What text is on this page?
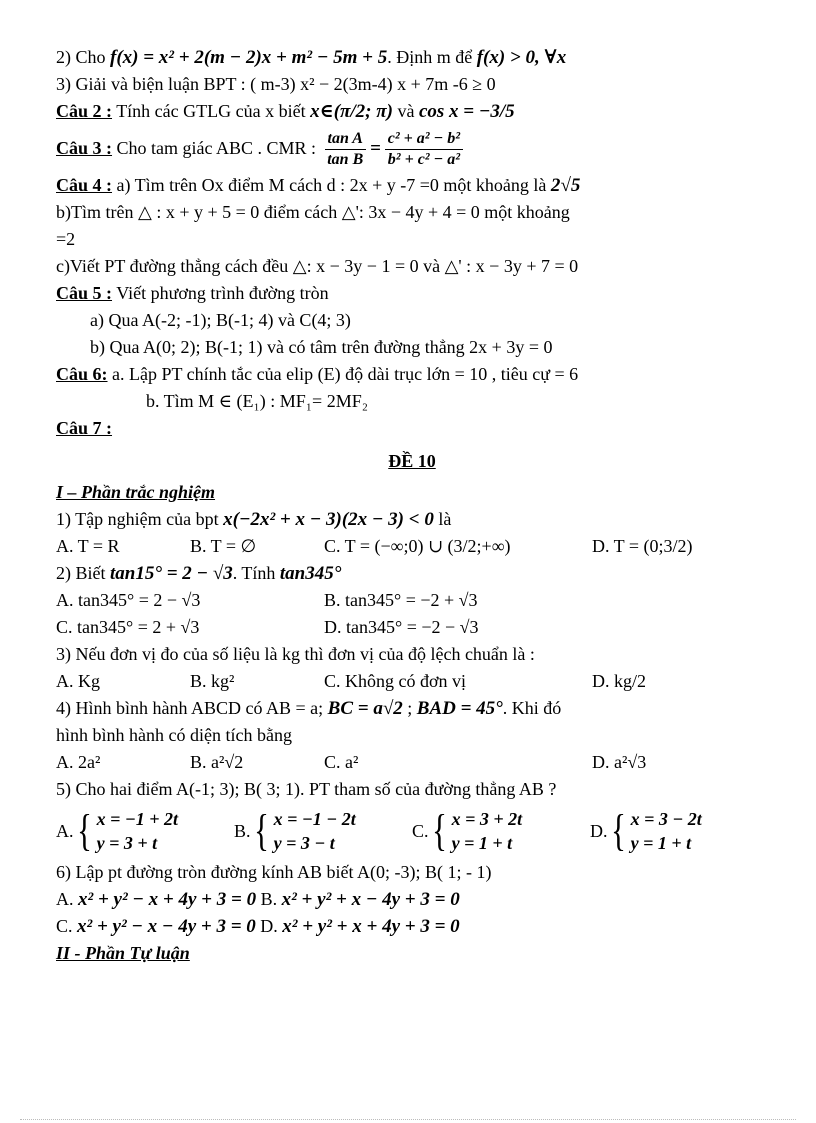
2) Cho f(x) = x² + 2(m − 2)x + m² − 5m + 5. Định m để f(x) > 0, ∀x
3) Giải và biện luận BPT : ( m-3) x² − 2(3m-4) x + 7m -6 ≥ 0
Câu 2 : Tính các GTLG của x biết x∈(π/2; π) và cos x = −3/5
Câu 3 : Cho tam giác ABC . CMR : $\frac{\text{tan A}}{\text{tan B}} = \frac{\text{c² + a² − b²}}{\text{b² + c² − a²}}$
Câu 4 : a) Tìm trên Ox điểm M cách d : 2x + y -7 =0 một khoảng là 2√5
b)Tìm trên △ : x + y + 5 = 0 điểm cách △': 3x − 4y + 4 = 0 một khoảng
=2
c)Viết PT đường thẳng cách đều △: x − 3y − 1 = 0 và △' : x − 3y + 7 = 0
Câu 5 : Viết phương trình đường tròn
a) Qua A(-2; -1); B(-1; 4) và C(4; 3)
b) Qua A(0; 2); B(-1; 1) và có tâm trên đường thẳng 2x + 3y = 0
Câu 6: a. Lập PT chính tắc của elip (E) độ dài trục lớn = 10 , tiêu cự = 6
b. Tìm M ∈ (E₁) : MF₁= 2MF₂
Câu 7 :
ĐỀ 10
I – Phần trắc nghiệm
1) Tập nghiệm của bpt x(−2x² + x − 3)(2x − 3) < 0 là
A. T = R	B. T = ∅	C. T = (−∞;0) ∪ (3/2;+∞)	D. T = (0;3/2)
2) Biết tan15° = 2 − √3. Tính tan345°
A. tan345° = 2 − √3	B. tan345° = −2 + √3
C. tan345° = 2 + √3	D. tan345° = −2 − √3
3) Nếu đơn vị đo của số liệu là kg thì đơn vị của độ lệch chuẩn là :
A. Kg	B. kg²	C. Không có đơn vị	D. kg/2
4) Hình bình hành ABCD có AB = a; BC = a√2 ; BAD = 45°. Khi đó
hình bình hành có diện tích bằng
A. 2a²	B. a²√2	C. a²	D. a²√3
5) Cho hai điểm A(-1; 3); B( 3; 1). PT tham số của đường thẳng AB ?
A. { x = −1 + 2t
y = 3 + t
B. { x = −1 − 2t
y = 3 − t
C. { x = 3 + 2t
y = 1 + t
D. { x = 3 − 2t
y = 1 + t
6) Lập pt đường tròn đường kính AB biết A(0; -3); B( 1; - 1)
A. x² + y² − x + 4y + 3 = 0 B. x² + y² + x − 4y + 3 = 0
C. x² + y² − x − 4y + 3 = 0 D. x² + y² + x + 4y + 3 = 0
II - Phần Tự luận
